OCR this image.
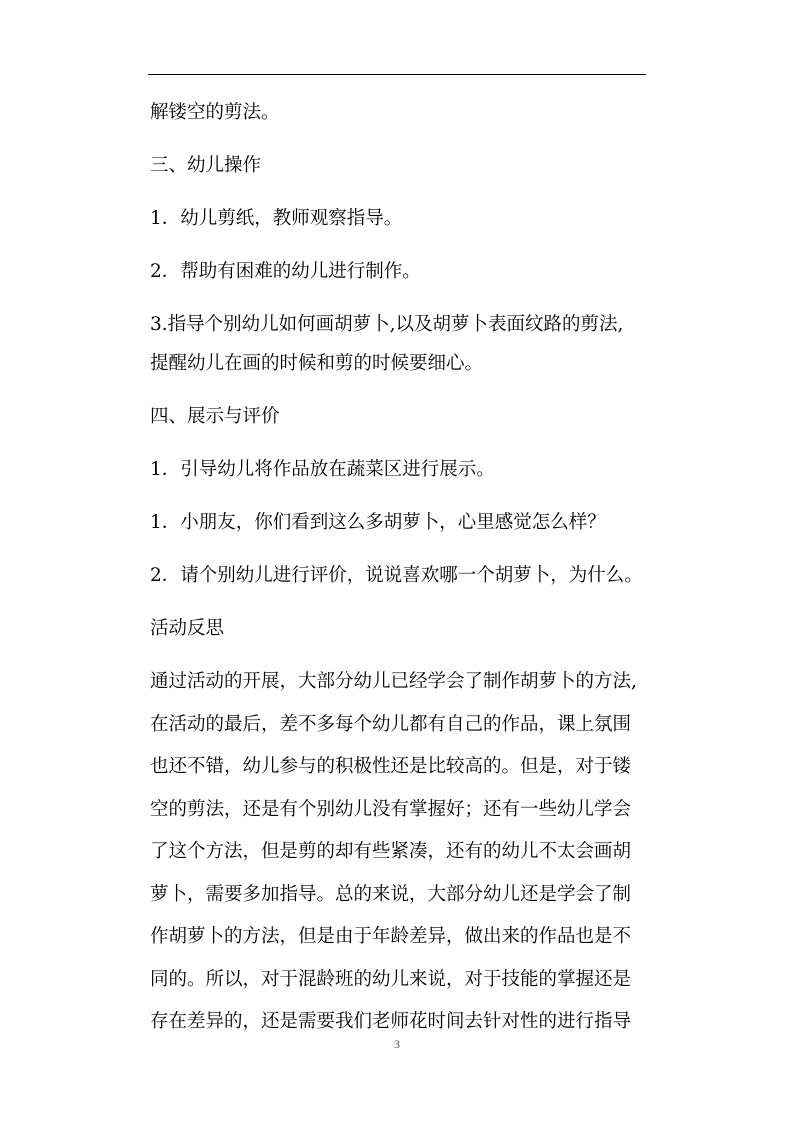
解镂空的剪法。

三、幼儿操作

1．幼儿剪纸，教师观察指导。

2．帮助有困难的幼儿进行制作。

3.指导个别幼儿如何画胡萝卜,以及胡萝卜表面纹路的剪法,

提醒幼儿在画的时候和剪的时候要细心。

四、展示与评价

1．引导幼儿将作品放在蔬菜区进行展示。

1．小朋友，你们看到这么多胡萝卜，心里感觉怎么样？

2．请个别幼儿进行评价，说说喜欢哪一个胡萝卜，为什么。

活动反思

通过活动的开展，大部分幼儿已经学会了制作胡萝卜的方法,

在活动的最后，差不多每个幼儿都有自己的作品，课上氛围

也还不错，幼儿参与的积极性还是比较高的。但是，对于镂

空的剪法，还是有个别幼儿没有掌握好；还有一些幼儿学会

了这个方法，但是剪的却有些紧凑，还有的幼儿不太会画胡

萝卜，需要多加指导。总的来说，大部分幼儿还是学会了制

作胡萝卜的方法，但是由于年龄差异，做出来的作品也是不

同的。所以，对于混龄班的幼儿来说，对于技能的掌握还是

存在差异的，还是需要我们老师花时间去针对性的进行指导

3
